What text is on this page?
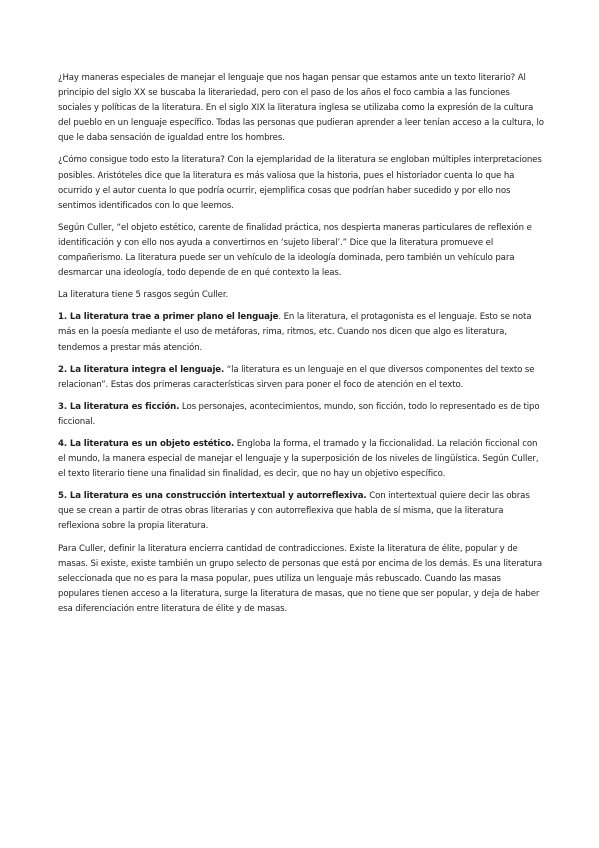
¿Hay maneras especiales de manejar el lenguaje que nos hagan pensar que estamos ante un texto literario? Al principio del siglo XX se buscaba la literariedad, pero con el paso de los años el foco cambia a las funciones sociales y políticas de la literatura. En el siglo XIX la literatura inglesa se utilizaba como la expresión de la cultura del pueblo en un lenguaje específico. Todas las personas que pudieran aprender a leer tenían acceso a la cultura, lo que le daba sensación de igualdad entre los hombres.

¿Cómo consigue todo esto la literatura? Con la ejemplaridad de la literatura se engloban múltiples interpretaciones posibles. Aristóteles dice que la literatura es más valiosa que la historia, pues el historiador cuenta lo que ha ocurrido y el autor cuenta lo que podría ocurrir, ejemplifica cosas que podrían haber sucedido y por ello nos sentimos identificados con lo que leemos.

Según Culler, “el objeto estético, carente de finalidad práctica, nos despierta maneras particulares de reflexión e identificación y con ello nos ayuda a convertirnos en ‘sujeto liberal’.” Dice que la literatura promueve el compañerismo. La literatura puede ser un vehículo de la ideología dominada, pero también un vehículo para desmarcar una ideología, todo depende de en qué contexto la leas.

La literatura tiene 5 rasgos según Culler.

1. La literatura trae a primer plano el lenguaje. En la literatura, el protagonista es el lenguaje. Esto se nota más en la poesía mediante el uso de metáforas, rima, ritmos, etc. Cuando nos dicen que algo es literatura, tendemos a prestar más atención.

2. La literatura integra el lenguaje. “la literatura es un lenguaje en el que diversos componentes del texto se relacionan”. Estas dos primeras características sirven para poner el foco de atención en el texto.

3. La literatura es ficción. Los personajes, acontecimientos, mundo, son ficción, todo lo representado es de tipo ficcional.

4. La literatura es un objeto estético. Engloba la forma, el tramado y la ficcionalidad. La relación ficcional con el mundo, la manera especial de manejar el lenguaje y la superposición de los niveles de lingüística. Según Culler, el texto literario tiene una finalidad sin finalidad, es decir, que no hay un objetivo específico.

5. La literatura es una construcción intertextual y autorreflexiva. Con intertextual quiere decir las obras que se crean a partir de otras obras literarias y con autorreflexiva que habla de sí misma, que la literatura reflexiona sobre la propia literatura.

Para Culler, definir la literatura encierra cantidad de contradicciones. Existe la literatura de élite, popular y de masas. Si existe, existe también un grupo selecto de personas que está por encima de los demás. Es una literatura seleccionada que no es para la masa popular, pues utiliza un lenguaje más rebuscado. Cuando las masas populares tienen acceso a la literatura, surge la literatura de masas, que no tiene que ser popular, y deja de haber esa diferenciación entre literatura de élite y de masas.
